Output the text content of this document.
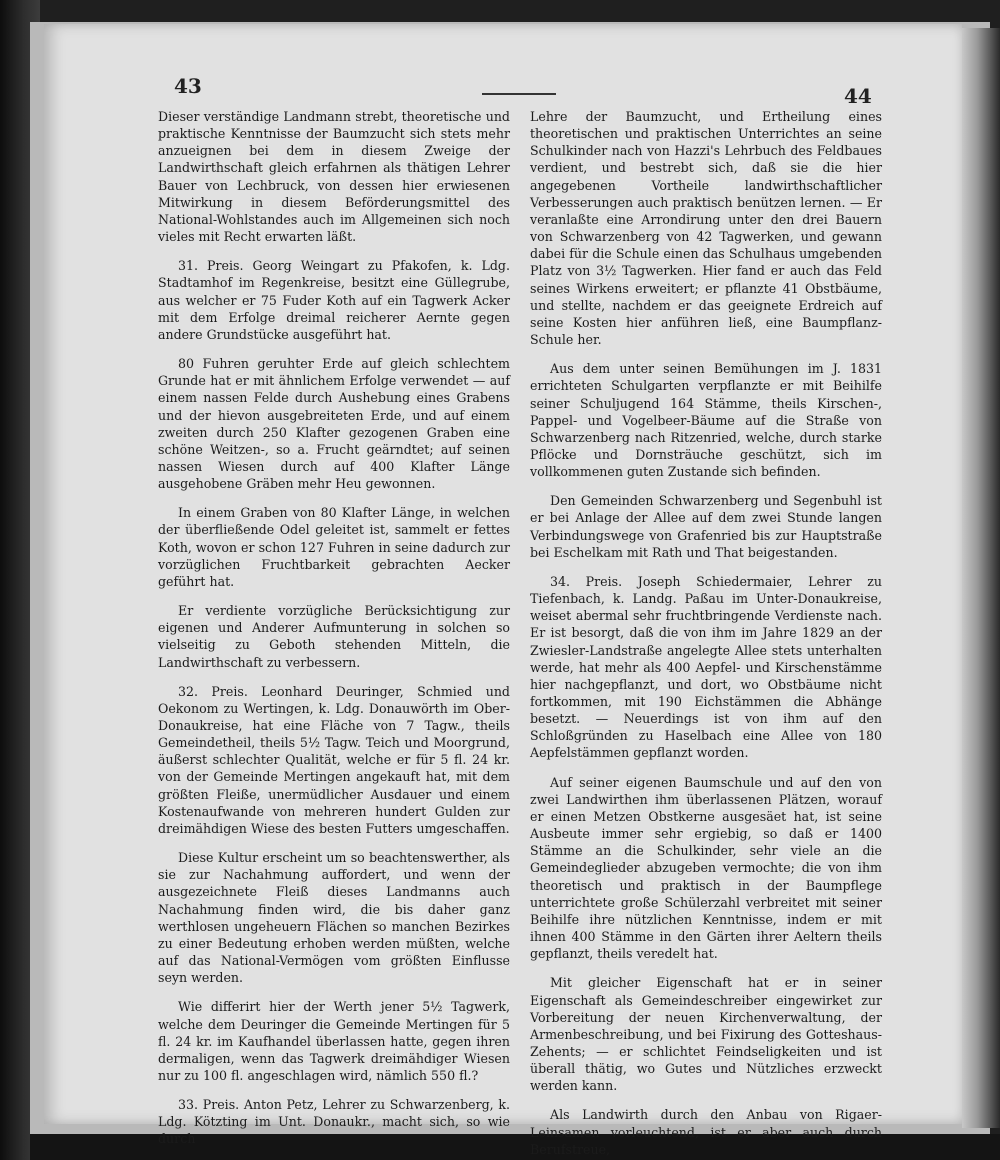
43	44

Dieser verständige Landmann strebt, theoretische und praktische Kenntnisse der Baumzucht sich stets mehr anzueignen bei dem in diesem Zweige der Landwirthschaft gleich erfahrnen als thätigen Lehrer Bauer von Lechbruck, von dessen hier erwiesenen Mitwirkung in diesem Beförderungsmittel des National-Wohlstandes auch im Allgemeinen sich noch vieles mit Recht erwarten läßt.

31. Preis. Georg Weingart zu Pfakofen, k. Ldg. Stadtamhof im Regenkreise, besitzt eine Güllegrube, aus welcher er 75 Fuder Koth auf ein Tagwerk Acker mit dem Erfolge dreimal reicherer Aernte gegen andere Grundstücke ausgeführt hat.

80 Fuhren geruhter Erde auf gleich schlechtem Grunde hat er mit ähnlichem Erfolge verwendet — auf einem nassen Felde durch Aushebung eines Grabens und der hievon ausgebreiteten Erde, und auf einem zweiten durch 250 Klafter gezogenen Graben eine schöne Weitzen-, so a. Frucht geärndtet; auf seinen nassen Wiesen durch auf 400 Klafter Länge ausgehobene Gräben mehr Heu gewonnen.

In einem Graben von 80 Klafter Länge, in welchen der überfließende Odel geleitet ist, sammelt er fettes Koth, wovon er schon 127 Fuhren in seine dadurch zur vorzüglichen Fruchtbarkeit gebrachten Aecker geführt hat.

Er verdiente vorzügliche Berücksichtigung zur eigenen und Anderer Aufmunterung in solchen so vielseitig zu Geboth stehenden Mitteln, die Landwirthschaft zu verbessern.

32. Preis. Leonhard Deuringer, Schmied und Oekonom zu Wertingen, k. Ldg. Donauwörth im Ober-Donaukreise, hat eine Fläche von 7 Tagw., theils Gemeindetheil, theils 5½ Tagw. Teich und Moorgrund, äußerst schlechter Qualität, welche er für 5 fl. 24 kr. von der Gemeinde Mertingen angekauft hat, mit dem größten Fleiße, unermüdlicher Ausdauer und einem Kostenaufwande von mehreren hundert Gulden zur dreimähdigen Wiese des besten Futters umgeschaffen.

Diese Kultur erscheint um so beachtenswerther, als sie zur Nachahmung auffordert, und wenn der ausgezeichnete Fleiß dieses Landmanns auch Nachahmung finden wird, die bis daher ganz werthlosen ungeheuern Flächen so manchen Bezirkes zu einer Bedeutung erhoben werden müßten, welche auf das National-Vermögen vom größten Einflusse seyn werden.

Wie differirt hier der Werth jener 5½ Tagwerk, welche dem Deuringer die Gemeinde Mertingen für 5 fl. 24 kr. im Kaufhandel überlassen hatte, gegen ihren dermaligen, wenn das Tagwerk dreimähdiger Wiesen nur zu 100 fl. angeschlagen wird, nämlich 550 fl.?

33. Preis. Anton Petz, Lehrer zu Schwarzenberg, k. Ldg. Kötzting im Unt. Donaukr., macht sich, so wie durch

Lehre der Baumzucht, und Ertheilung eines theoretischen und praktischen Unterrichtes an seine Schulkinder nach von Hazzi's Lehrbuch des Feldbaues verdient, und bestrebt sich, daß sie die hier angegebenen Vortheile landwirthschaftlicher Verbesserungen auch praktisch benützen lernen. — Er veranlaßte eine Arrondirung unter den drei Bauern von Schwarzenberg von 42 Tagwerken, und gewann dabei für die Schule einen das Schulhaus umgebenden Platz von 3½ Tagwerken. Hier fand er auch das Feld seines Wirkens erweitert; er pflanzte 41 Obstbäume, und stellte, nachdem er das geeignete Erdreich auf seine Kosten hier anführen ließ, eine Baumpflanz-Schule her.

Aus dem unter seinen Bemühungen im J. 1831 errichteten Schulgarten verpflanzte er mit Beihilfe seiner Schuljugend 164 Stämme, theils Kirschen-, Pappel- und Vogelbeer-Bäume auf die Straße von Schwarzenberg nach Ritzenried, welche, durch starke Pflöcke und Dornsträuche geschützt, sich im vollkommenen guten Zustande sich befinden.

Den Gemeinden Schwarzenberg und Segenbuhl ist er bei Anlage der Allee auf dem zwei Stunde langen Verbindungswege von Grafenried bis zur Hauptstraße bei Eschelkam mit Rath und That beigestanden.

34. Preis. Joseph Schiedermaier, Lehrer zu Tiefenbach, k. Landg. Paßau im Unter-Donaukreise, weiset abermal sehr fruchtbringende Verdienste nach. Er ist besorgt, daß die von ihm im Jahre 1829 an der Zwiesler-Landstraße angelegte Allee stets unterhalten werde, hat mehr als 400 Aepfel- und Kirschenstämme hier nachgepflanzt, und dort, wo Obstbäume nicht fortkommen, mit 190 Eichstämmen die Abhänge besetzt. — Neuerdings ist von ihm auf den Schloßgründen zu Haselbach eine Allee von 180 Aepfelstämmen gepflanzt worden.

Auf seiner eigenen Baumschule und auf den von zwei Landwirthen ihm überlassenen Plätzen, worauf er einen Metzen Obstkerne ausgesäet hat, ist seine Ausbeute immer sehr ergiebig, so daß er 1400 Stämme an die Schulkinder, sehr viele an die Gemeindeglieder abzugeben vermochte; die von ihm theoretisch und praktisch in der Baumpflege unterrichtete große Schülerzahl verbreitet mit seiner Beihilfe ihre nützlichen Kenntnisse, indem er mit ihnen 400 Stämme in den Gärten ihrer Aeltern theils gepflanzt, theils veredelt hat.

Mit gleicher Eigenschaft hat er in seiner Eigenschaft als Gemeindeschreiber eingewirket zur Vorbereitung der neuen Kirchenverwaltung, der Armenbeschreibung, und bei Fixirung des Gotteshaus-Zehents; — er schlichtet Feindseligkeiten und ist überall thätig, wo Gutes und Nützliches erzweckt werden kann.

Als Landwirth durch den Anbau von Rigaer-Leinsamen vorleuchtend, ist er aber auch durch Berufstreue,
